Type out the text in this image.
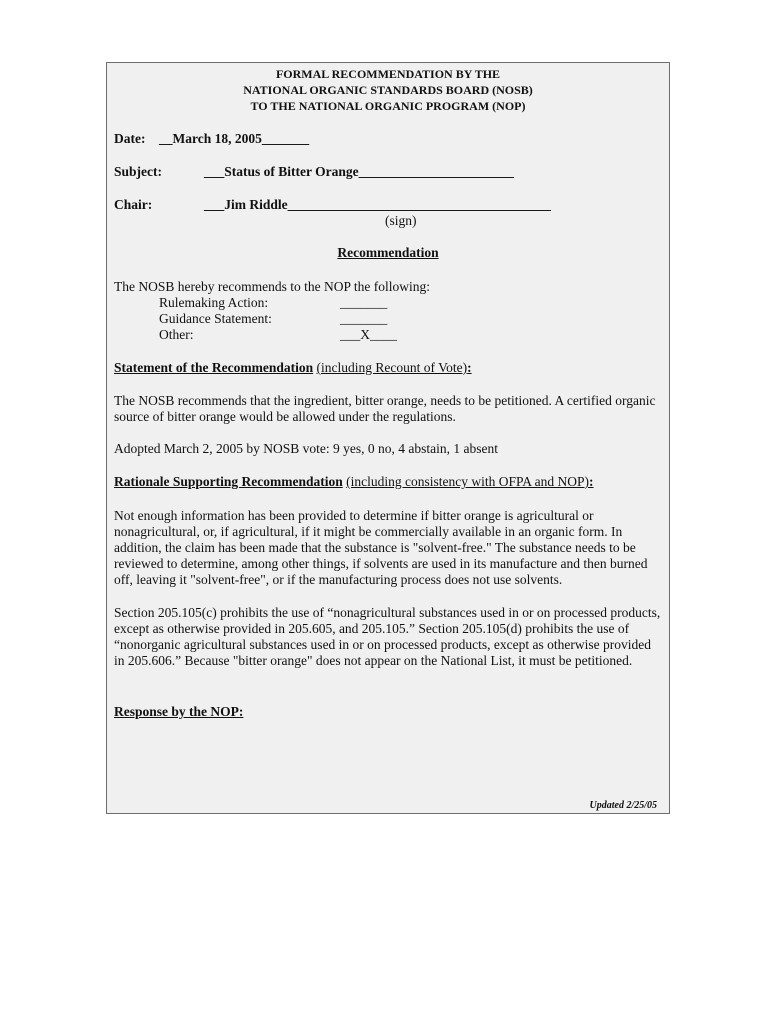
FORMAL RECOMMENDATION BY THE
NATIONAL ORGANIC STANDARDS BOARD (NOSB)
TO THE NATIONAL ORGANIC PROGRAM (NOP)
Date: __March 18, 2005_______
Subject:	___Status of Bitter Orange_______________________
Chair:	___Jim Riddle_______________________________________
(sign)
Recommendation
The NOSB hereby recommends to the NOP the following:
Rulemaking Action:	_______
Guidance Statement:	_______
Other:	___X____
Statement of the Recommendation (including Recount of Vote):
The NOSB recommends that the ingredient, bitter orange, needs to be petitioned. A certified organic source of bitter orange would be allowed under the regulations.
Adopted March 2, 2005 by NOSB vote: 9 yes, 0 no, 4 abstain, 1 absent
Rationale Supporting Recommendation (including consistency with OFPA and NOP):
Not enough information has been provided to determine if bitter orange is agricultural or nonagricultural, or, if agricultural, if it might be commercially available in an organic form. In addition, the claim has been made that the substance is "solvent-free." The substance needs to be reviewed to determine, among other things, if solvents are used in its manufacture and then burned off, leaving it "solvent-free", or if the manufacturing process does not use solvents.
Section 205.105(c) prohibits the use of “nonagricultural substances used in or on processed products, except as otherwise provided in 205.605, and 205.105.” Section 205.105(d) prohibits the use of “nonorganic agricultural substances used in or on processed products, except as otherwise provided in 205.606.” Because "bitter orange" does not appear on the National List, it must be petitioned.
Response by the NOP:
Updated 2/25/05
